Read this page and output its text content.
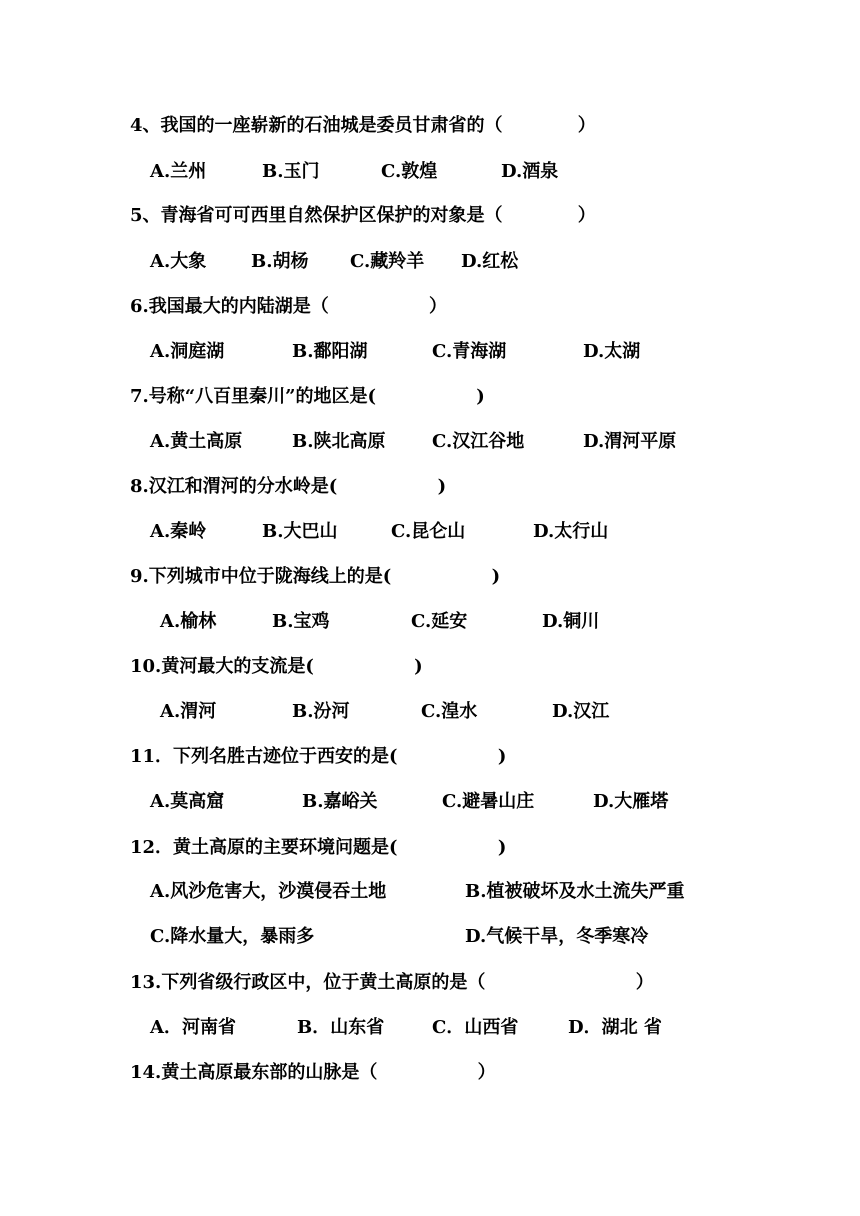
4、我国的一座崭新的石油城是委员甘肃省的（            ）
A.兰州	B.玉门	C.敦煌	D.酒泉
5、青海省可可西里自然保护区保护的对象是（            ）
A.大象 B.胡杨 C.藏羚羊 D.红松
6.我国最大的内陆湖是（                ）
A.洞庭湖	B.鄱阳湖	C.青海湖	D.太湖
7.号称“八百里秦川”的地区是(                )
A.黄土高原	B.陕北高原	C.汉江谷地	D.渭河平原
8.汉江和渭河的分水岭是(                )
A.秦岭	B.大巴山	C.昆仑山	D.太行山
9.下列城市中位于陇海线上的是(                )
A.榆林	B.宝鸡	C.延安	D.铜川
10.黄河最大的支流是(                )
A.渭河	B.汾河	C.湟水	D.汉江
11．下列名胜古迹位于西安的是(                )
A.莫高窟	B.嘉峪关	C.避暑山庄	D.大雁塔
12．黄土高原的主要环境问题是(                )
A.风沙危害大，沙漠侵吞土地	B.植被破坏及水土流失严重
C.降水量大，暴雨多	D.气候干旱，冬季寒冷
13.下列省级行政区中，位于黄土高原的是（                        ）
A．河南省	B．山东省	C．山西省	D．湖北 省
14.黄土高原最东部的山脉是（                ）
